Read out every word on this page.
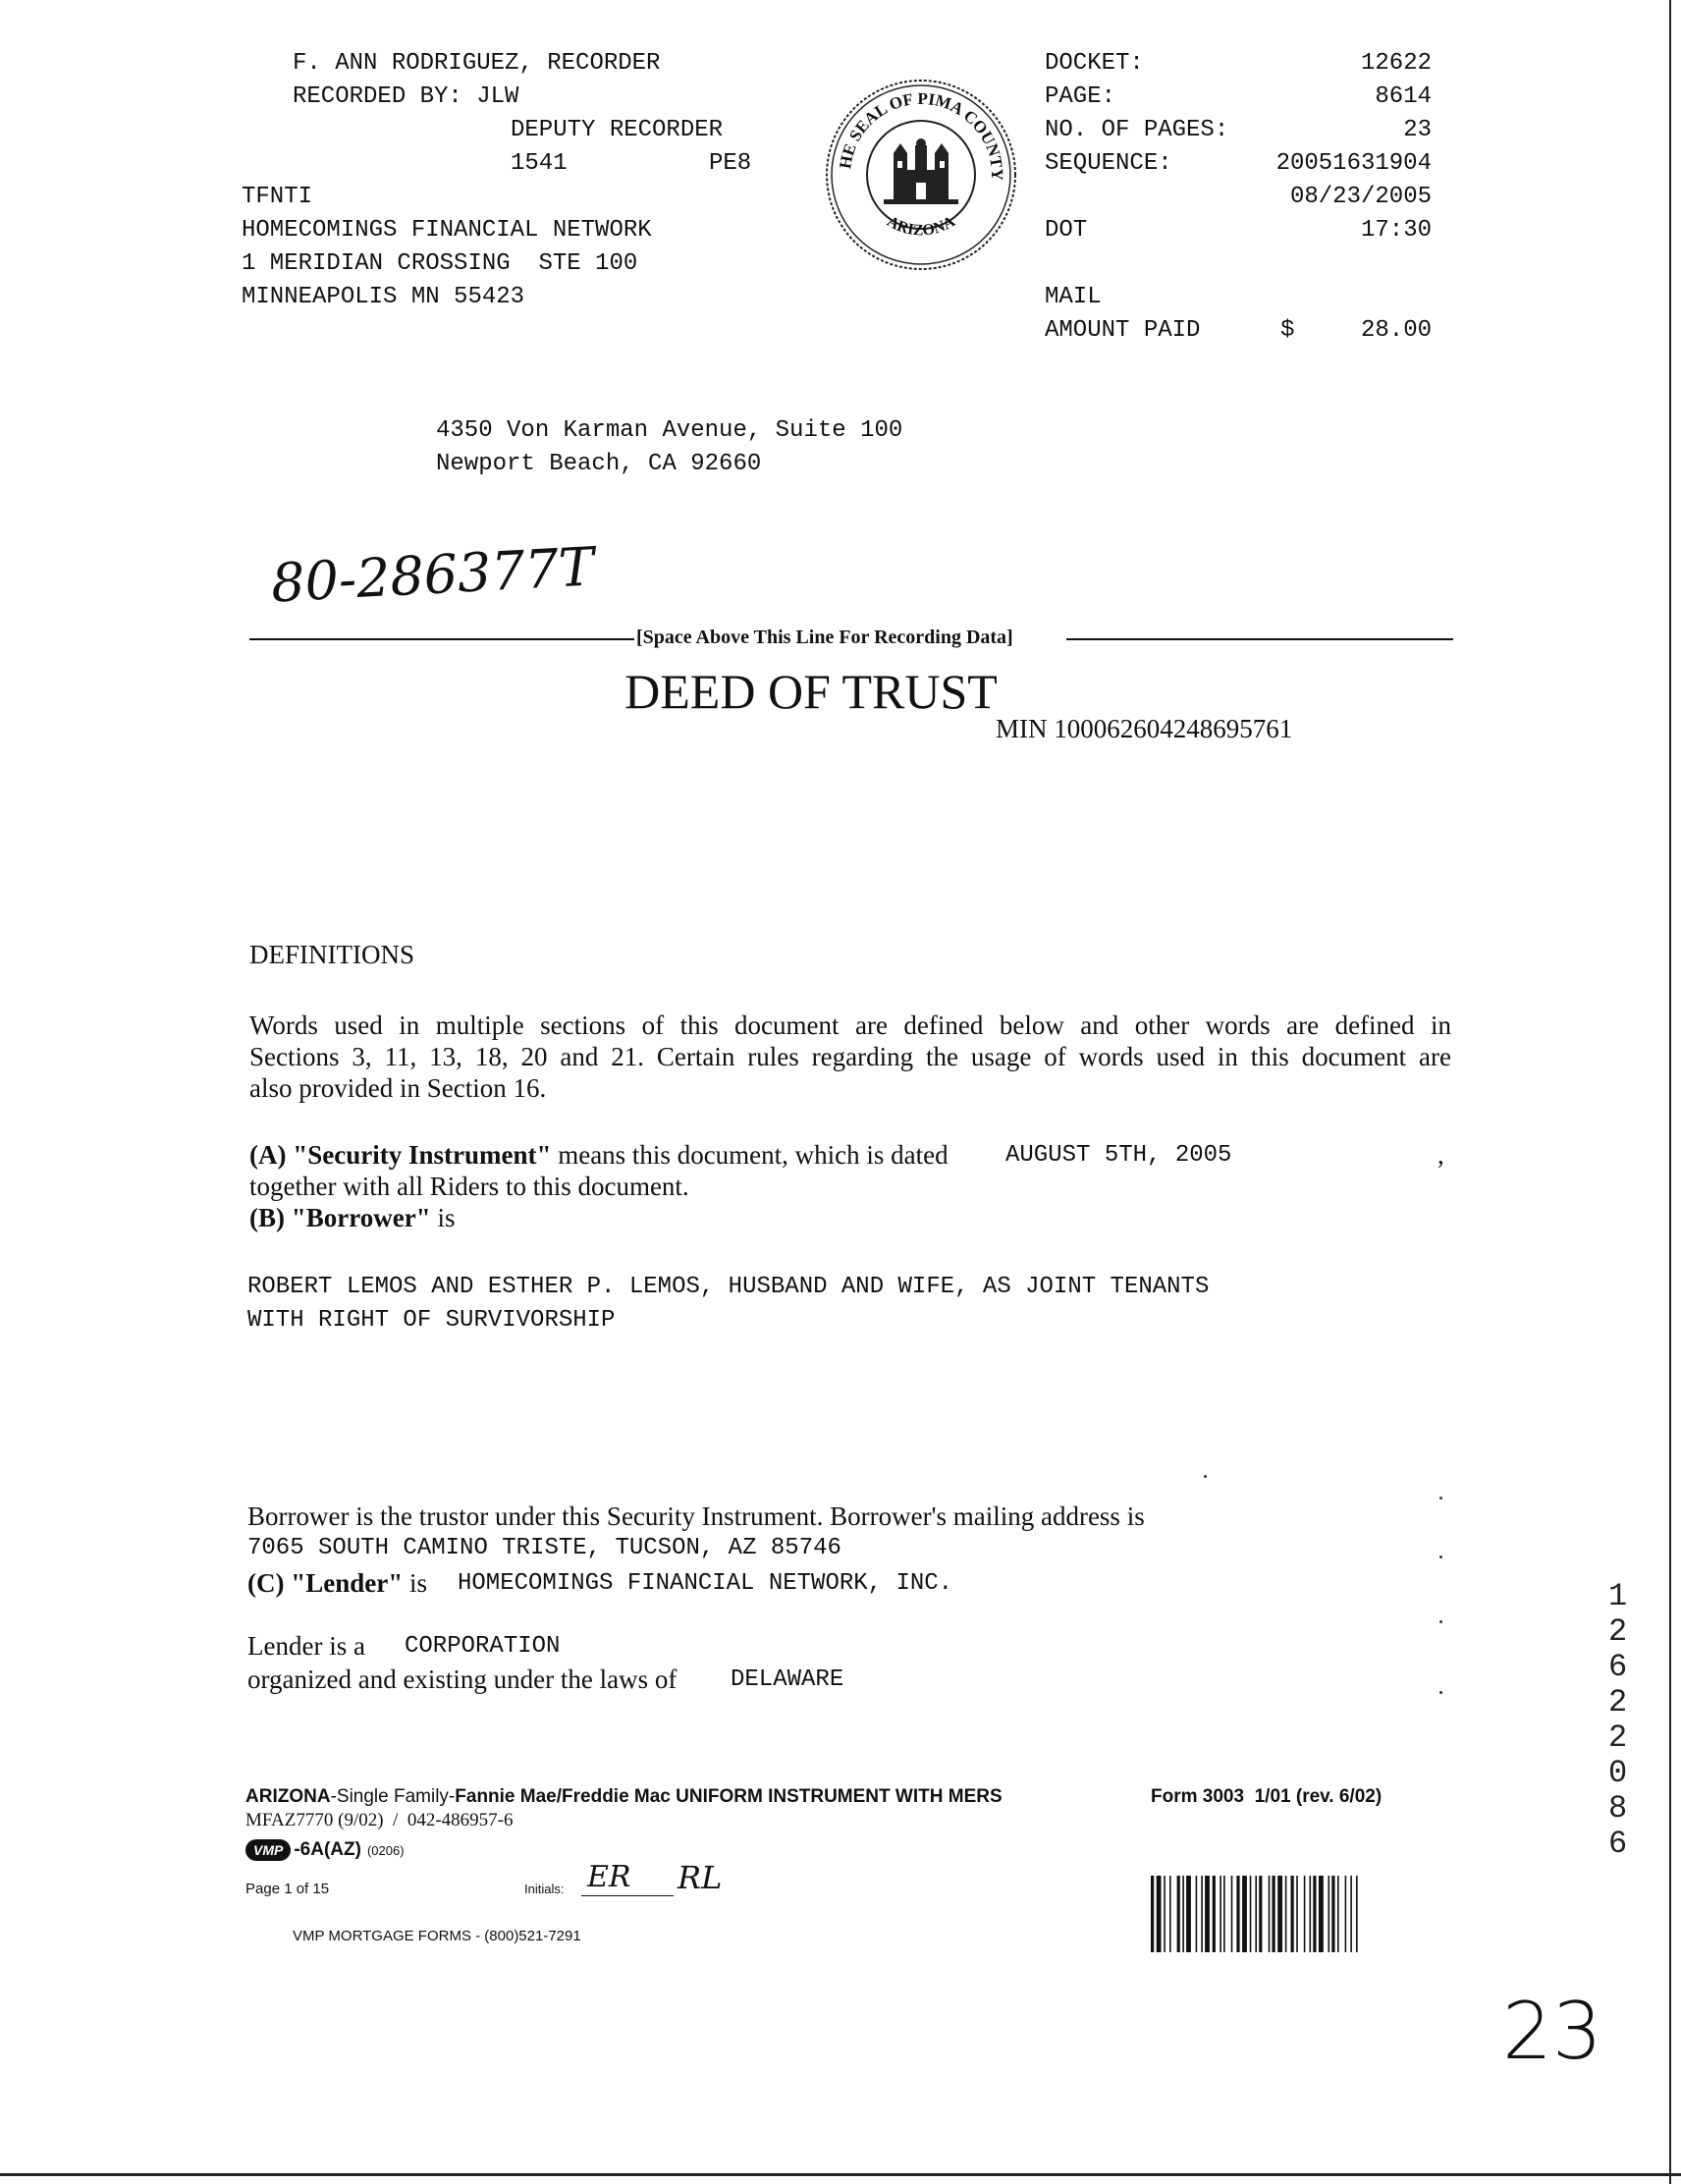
F. ANN RODRIGUEZ, RECORDER
RECORDED BY: JLW
DEPUTY RECORDER
1541	PE8
TFNTI
HOMECOMINGS FINANCIAL NETWORK
1 MERIDIAN CROSSING  STE 100
MINNEAPOLIS MN 55423
HE SEAL OF PIMA COUNTY
ARIZONA
DOCKET:	12622
PAGE:	8614
NO. OF PAGES:	23
SEQUENCE:	20051631904
08/23/2005
DOT	17:30
MAIL
AMOUNT PAID	$	28.00

4350 Von Karman Avenue, Suite 100
Newport Beach, CA 92660
80-286377T
[Space Above This Line For Recording Data]
DEED OF TRUST
MIN 100062604248695761
DEFINITIONS
Words used in multiple sections of this document are defined below and other words are defined in
Sections 3, 11, 13, 18, 20 and 21. Certain rules regarding the usage of words used in this document are
also provided in Section 16.
(A) "Security Instrument" means this document, which is dated AUGUST 5TH, 2005	,
together with all Riders to this document.
(B) "Borrower" is
ROBERT LEMOS AND ESTHER P. LEMOS, HUSBAND AND WIFE, AS JOINT TENANTS
WITH RIGHT OF SURVIVORSHIP
Borrower is the trustor under this Security Instrument. Borrower's mailing address is
7065 SOUTH CAMINO TRISTE, TUCSON, AZ 85746
(C) "Lender" is HOMECOMINGS FINANCIAL NETWORK, INC.
Lender is a CORPORATION
organized and existing under the laws of DELAWARE
12622 086
ARIZONA-Single Family-Fannie Mae/Freddie Mac UNIFORM INSTRUMENT WITH MERS	Form 3003  1/01 (rev. 6/02)
MFAZ7770 (9/02)  /  042-486957-6
VMP -6A(AZ) (0206)
Page 1 of 15	Initials: ER RL
VMP MORTGAGE FORMS - (800)521-7291
23
